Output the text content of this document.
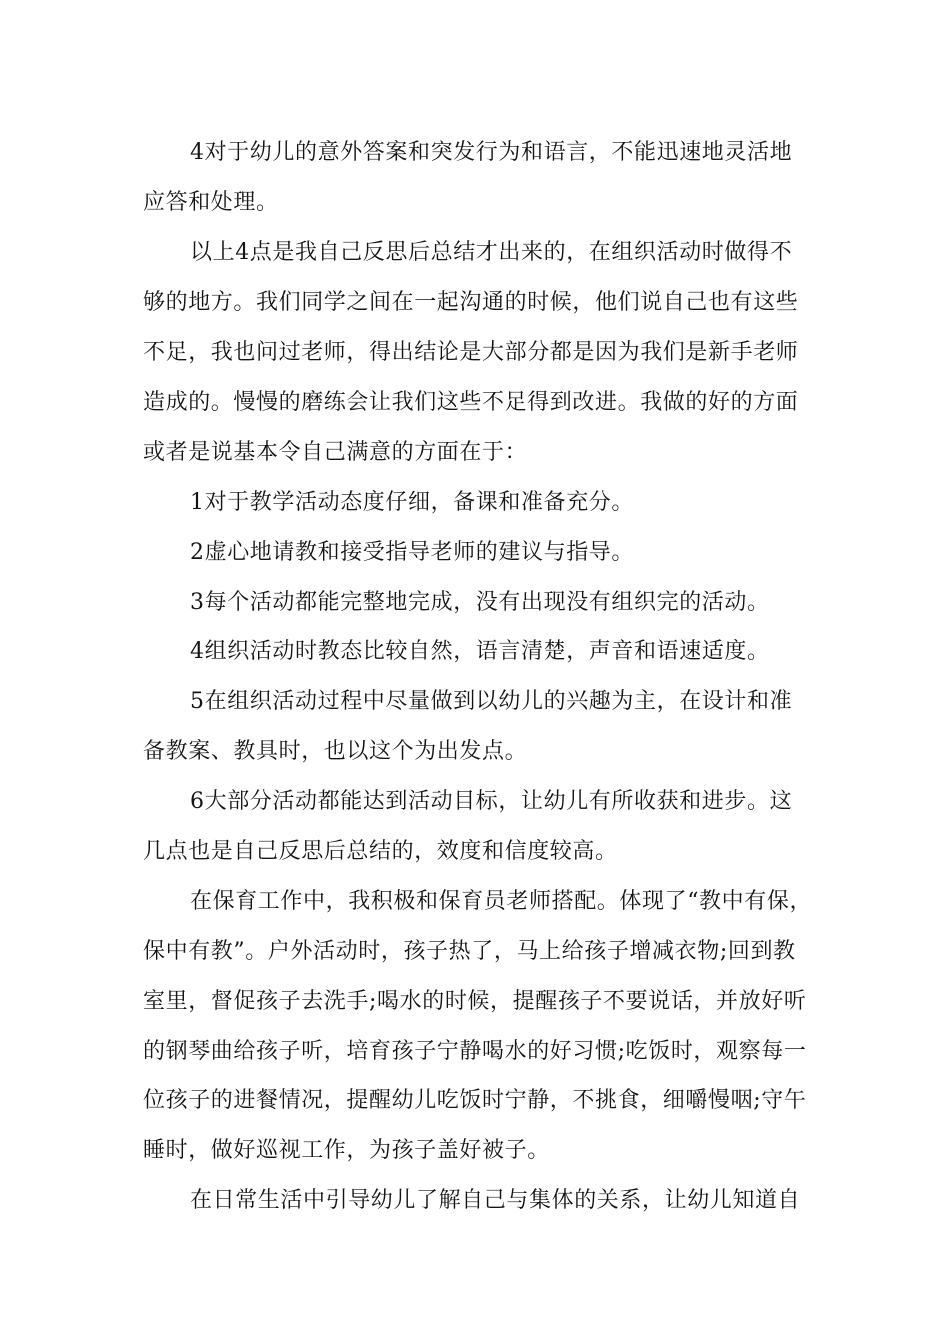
4对于幼儿的意外答案和突发行为和语言，不能迅速地灵活地
应答和处理。
以上4点是我自己反思后总结才出来的，在组织活动时做得不
够的地方。我们同学之间在一起沟通的时候，他们说自己也有这些
不足，我也问过老师，得出结论是大部分都是因为我们是新手老师
造成的。慢慢的磨练会让我们这些不足得到改进。我做的好的方面
或者是说基本令自己满意的方面在于：
1对于教学活动态度仔细，备课和准备充分。
2虚心地请教和接受指导老师的建议与指导。
3每个活动都能完整地完成，没有出现没有组织完的活动。
4组织活动时教态比较自然，语言清楚，声音和语速适度。
5在组织活动过程中尽量做到以幼儿的兴趣为主，在设计和准
备教案、教具时，也以这个为出发点。
6大部分活动都能达到活动目标，让幼儿有所收获和进步。这
几点也是自己反思后总结的，效度和信度较高。
在保育工作中，我积极和保育员老师搭配。体现了“教中有保，
保中有教”。户外活动时，孩子热了，马上给孩子增减衣物;回到教
室里，督促孩子去洗手;喝水的时候，提醒孩子不要说话，并放好听
的钢琴曲给孩子听，培育孩子宁静喝水的好习惯;吃饭时，观察每一
位孩子的进餐情况，提醒幼儿吃饭时宁静，不挑食，细嚼慢咽;守午
睡时，做好巡视工作，为孩子盖好被子。
在日常生活中引导幼儿了解自己与集体的关系，让幼儿知道自
